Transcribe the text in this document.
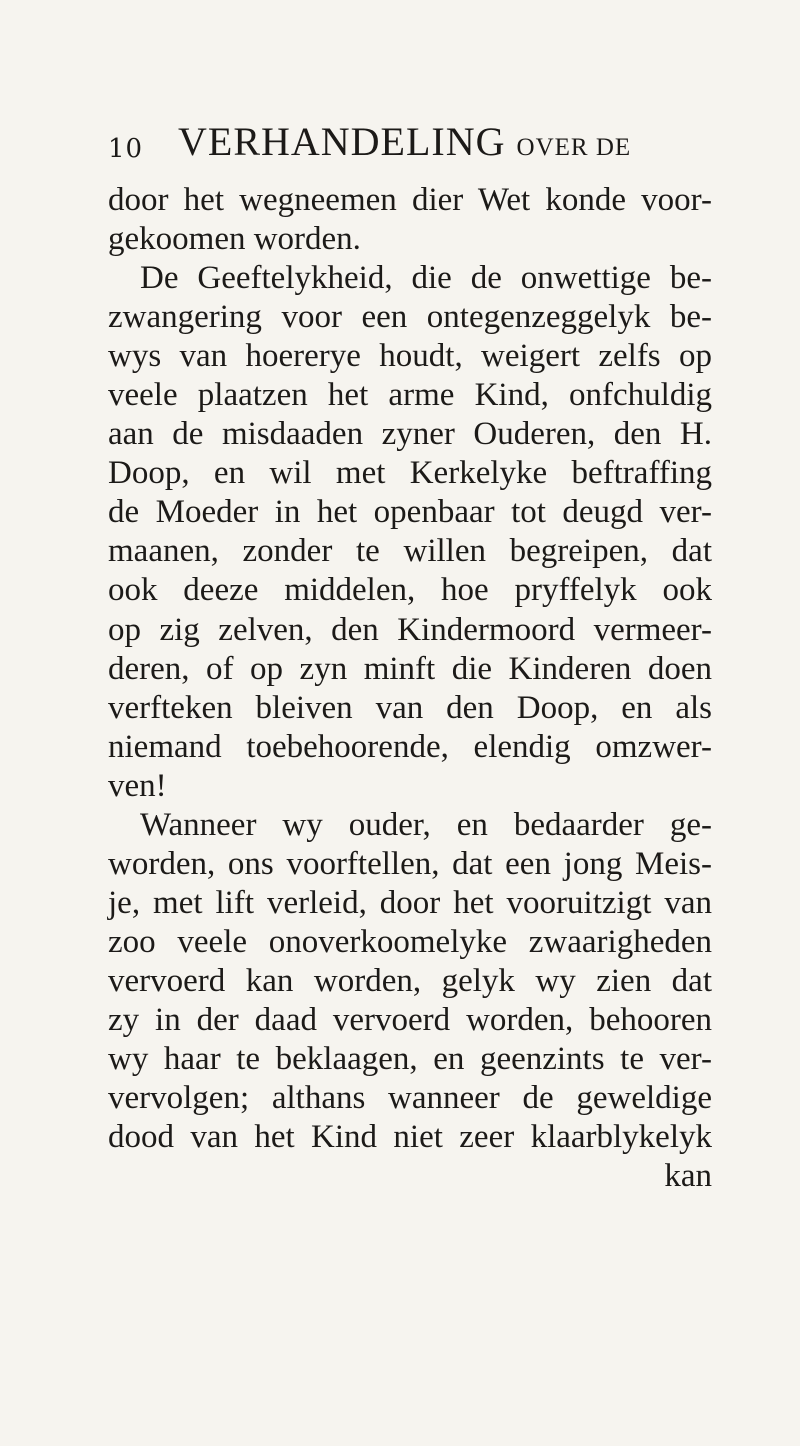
10 VERHANDELING OVER DE
door het wegneemen dier Wet konde voor-
gekoomen worden.
De Geeftelykheid, die de onwettige be-
zwangering voor een ontegenzeggelyk be-
wys van hoererye houdt, weigert zelfs op
veele plaatzen het arme Kind, onfchuldig
aan de misdaaden zyner Ouderen, den H.
Doop, en wil met Kerkelyke beftraffing
de Moeder in het openbaar tot deugd ver-
maanen, zonder te willen begreipen, dat
ook deeze middelen, hoe pryffelyk ook
op zig zelven, den Kindermoord vermeer-
deren, of op zyn minft die Kinderen doen
verfteken bleiven van den Doop, en als
niemand toebehoorende, elendig omzwer-
ven!
Wanneer wy ouder, en bedaarder ge-
worden, ons voorftellen, dat een jong Meis-
je, met lift verleid, door het vooruitzigt van
zoo veele onoverkoomelyke zwaarigheden
vervoerd kan worden, gelyk wy zien dat
zy in der daad vervoerd worden, behooren
wy haar te beklaagen, en geenzints te ver-
vervolgen; althans wanneer de geweldige
dood van het Kind niet zeer klaarblykelyk
kan
